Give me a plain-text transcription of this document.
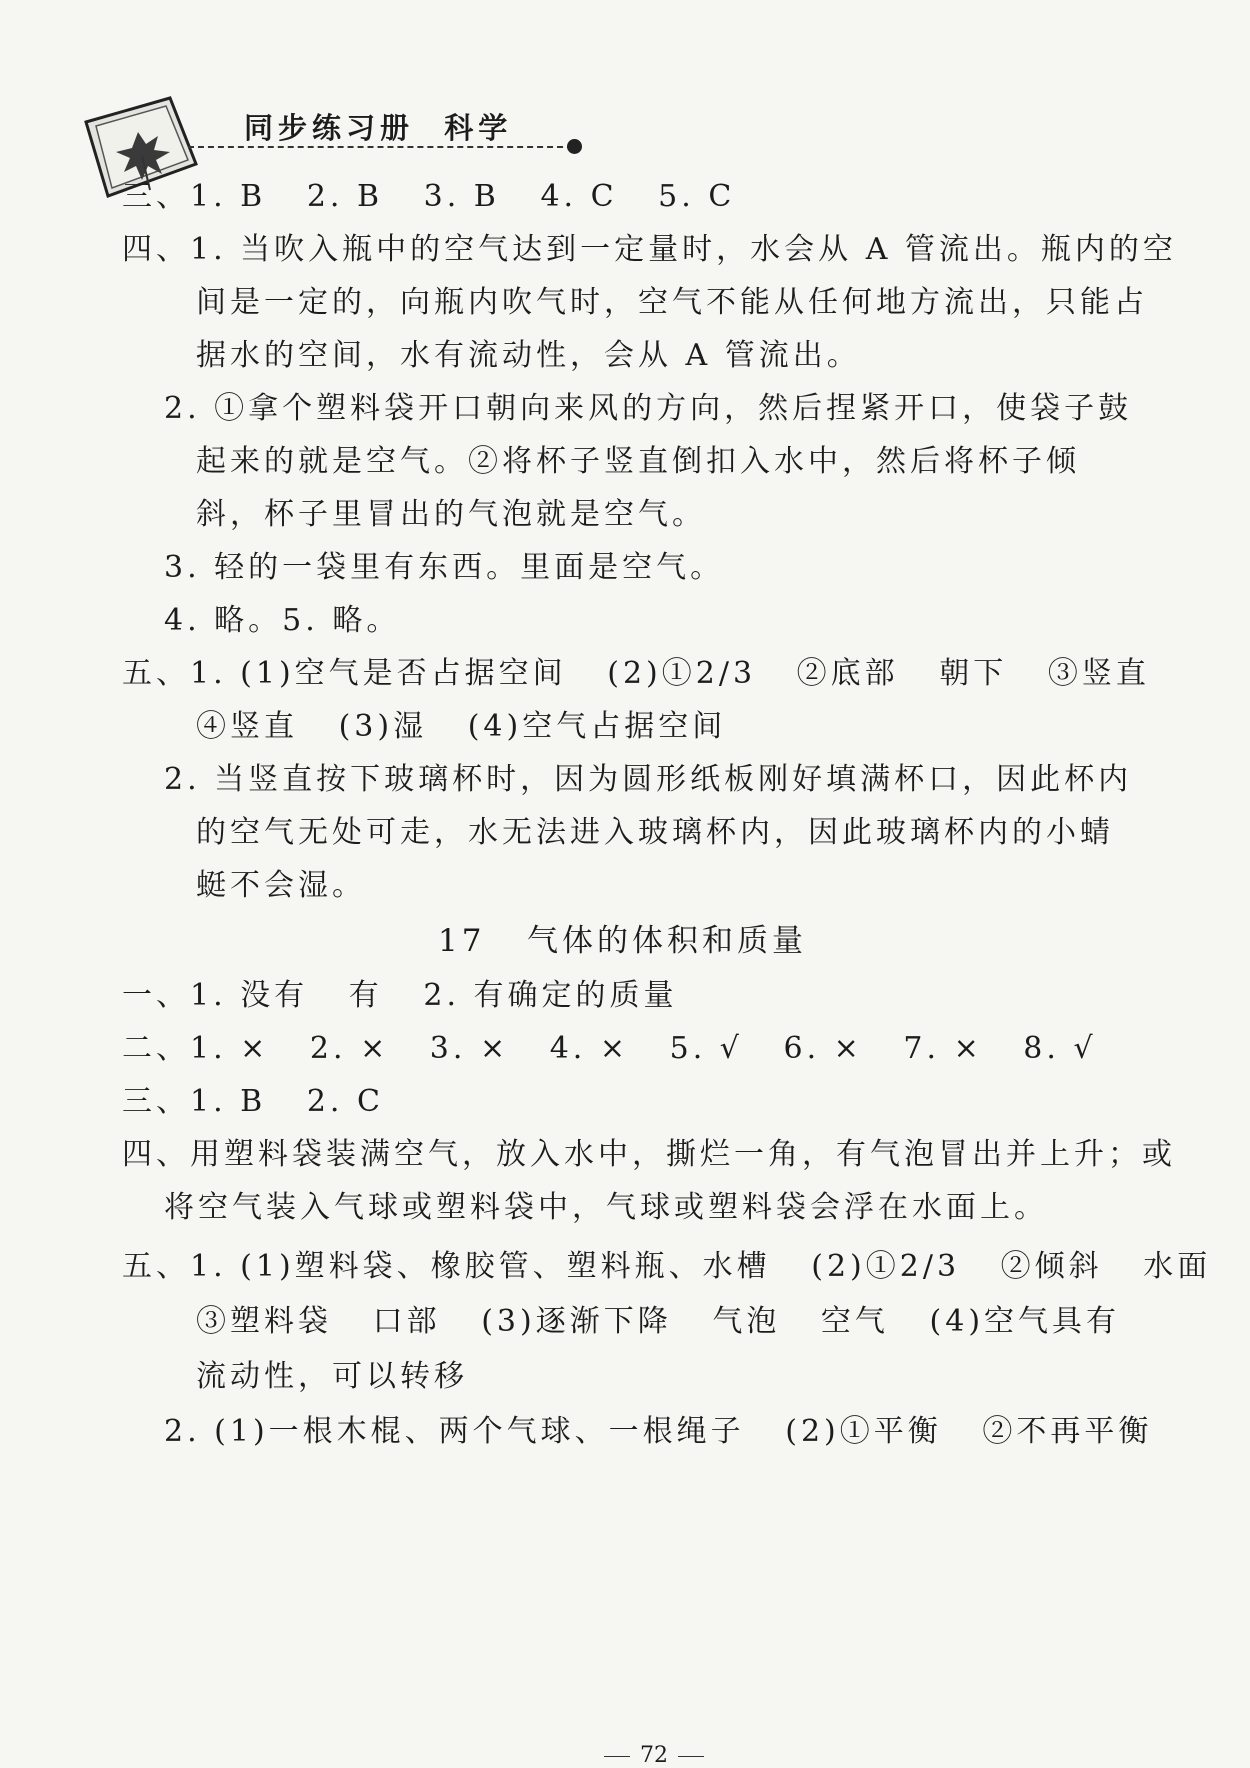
同步练习册  科学
三、1. B   2. B   3. B   4. C   5. C
四、1. 当吹入瓶中的空气达到一定量时，水会从 A 管流出。瓶内的空
间是一定的，向瓶内吹气时，空气不能从任何地方流出，只能占
据水的空间，水有流动性，会从 A 管流出。
2. ①拿个塑料袋开口朝向来风的方向，然后捏紧开口，使袋子鼓
起来的就是空气。②将杯子竖直倒扣入水中，然后将杯子倾
斜，杯子里冒出的气泡就是空气。
3. 轻的一袋里有东西。里面是空气。
4. 略。5. 略。
五、1. (1)空气是否占据空间   (2)①2/3   ②底部   朝下   ③竖直
④竖直   (3)湿   (4)空气占据空间
2. 当竖直按下玻璃杯时，因为圆形纸板刚好填满杯口，因此杯内
的空气无处可走，水无法进入玻璃杯内，因此玻璃杯内的小蜻
蜓不会湿。
17   气体的体积和质量
一、1. 没有   有   2. 有确定的质量
二、1. ×   2. ×   3. ×   4. ×   5. √   6. ×   7. ×   8. √
三、1. B   2. C
四、用塑料袋装满空气，放入水中，撕烂一角，有气泡冒出并上升；或
将空气装入气球或塑料袋中，气球或塑料袋会浮在水面上。
五、1. (1)塑料袋、橡胶管、塑料瓶、水槽   (2)①2/3   ②倾斜   水面
③塑料袋   口部   (3)逐渐下降   气泡   空气   (4)空气具有
流动性，可以转移
2. (1)一根木棍、两个气球、一根绳子   (2)①平衡   ②不再平衡

72
